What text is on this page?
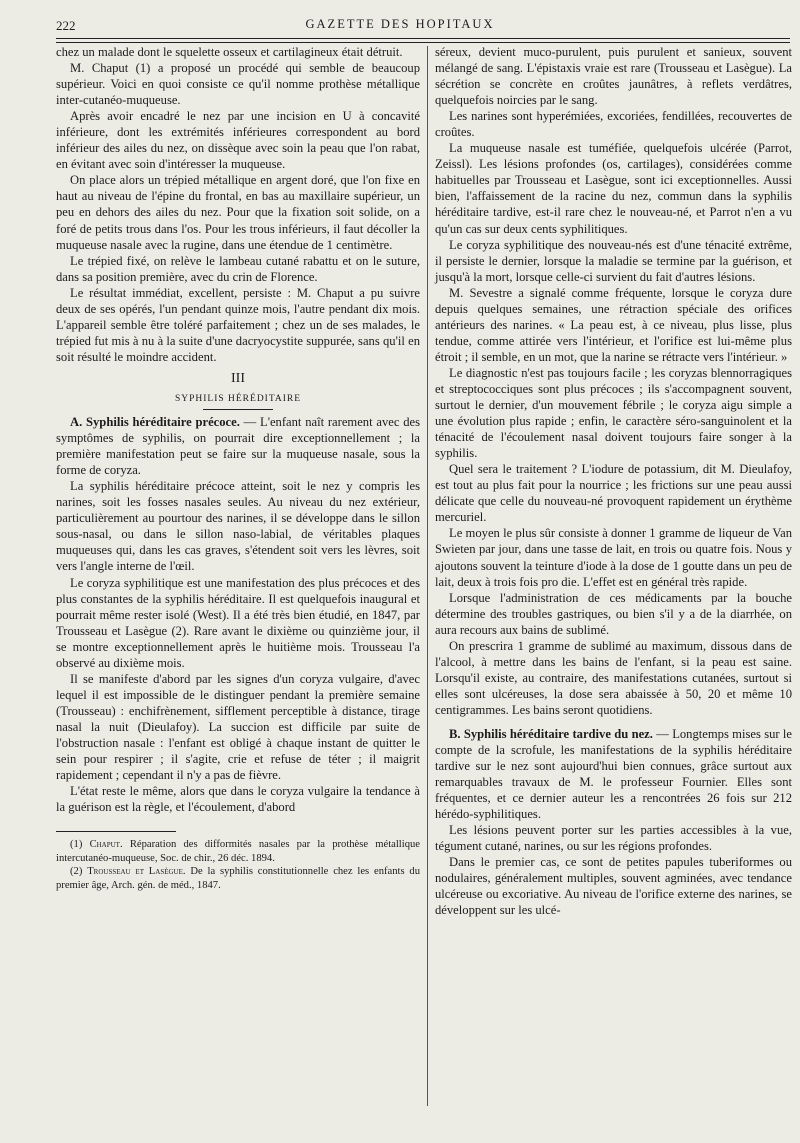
222	GAZETTE DES HOPITAUX

chez un malade dont le squelette osseux et cartilagineux était détruit.

M. Chaput (1) a proposé un procédé qui semble de beaucoup supérieur. Voici en quoi consiste ce qu'il nomme prothèse métallique inter-cutanéo-muqueuse.

Après avoir encadré le nez par une incision en U à concavité inférieure, dont les extrémités inférieures correspondent au bord inférieur des ailes du nez, on dissèque avec soin la peau que l'on rabat, en évitant avec soin d'intéresser la muqueuse.

On place alors un trépied métallique en argent doré, que l'on fixe en haut au niveau de l'épine du frontal, en bas au maxillaire supérieur, un peu en dehors des ailes du nez. Pour que la fixation soit solide, on a foré de petits trous dans l'os. Pour les trous inférieurs, il faut décoller la muqueuse nasale avec la rugine, dans une étendue de 1 centimètre.

Le trépied fixé, on relève le lambeau cutané rabattu et on le suture, dans sa position première, avec du crin de Florence.

Le résultat immédiat, excellent, persiste : M. Chaput a pu suivre deux de ses opérés, l'un pendant quinze mois, l'autre pendant dix mois. L'appareil semble être toléré parfaitement ; chez un de ses malades, le trépied fut mis à nu à la suite d'une dacryocystite suppurée, sans qu'il en soit résulté le moindre accident.

III

SYPHILIS HÉRÉDITAIRE

A. Syphilis héréditaire précoce. — L'enfant naît rarement avec des symptômes de syphilis, on pourrait dire exceptionnellement ; la première manifestation peut se faire sur la muqueuse nasale, sous la forme de coryza.

La syphilis héréditaire précoce atteint, soit le nez y compris les narines, soit les fosses nasales seules. Au niveau du nez extérieur, particulièrement au pourtour des narines, il se développe dans le sillon sous-nasal, ou dans le sillon naso-labial, de véritables plaques muqueuses qui, dans les cas graves, s'étendent soit vers les lèvres, soit vers l'angle interne de l'œil.

Le coryza syphilitique est une manifestation des plus précoces et des plus constantes de la syphilis héréditaire. Il est quelquefois inaugural et pourrait même rester isolé (West). Il a été très bien étudié, en 1847, par Trousseau et Lasègue (2). Rare avant le dixième ou quinzième jour, il se montre exceptionnellement après le huitième mois. Trousseau l'a observé au dixième mois.

Il se manifeste d'abord par les signes d'un coryza vulgaire, d'avec lequel il est impossible de le distinguer pendant la première semaine (Trousseau) : enchifrènement, sifflement perceptible à distance, tirage nasal la nuit (Dieulafoy). La succion est difficile par suite de l'obstruction nasale : l'enfant est obligé à chaque instant de quitter le sein pour respirer ; il s'agite, crie et refuse de téter ; il maigrit rapidement ; cependant il n'y a pas de fièvre.

L'état reste le même, alors que dans le coryza vulgaire la tendance à la guérison est la règle, et l'écoulement, d'abord

(1) Chaput. Réparation des difformités nasales par la prothèse métallique intercutanéo-muqueuse, Soc. de chir., 26 déc. 1894.

(2) Trousseau et Lasègue. De la syphilis constitutionnelle chez les enfants du premier âge, Arch. gén. de méd., 1847.

séreux, devient muco-purulent, puis purulent et sanieux, souvent mélangé de sang. L'épistaxis vraie est rare (Trousseau et Lasègue). La sécrétion se concrète en croûtes jaunâtres, à reflets verdâtres, quelquefois noircies par le sang.

Les narines sont hyperémiées, excoriées, fendillées, recouvertes de croûtes.

La muqueuse nasale est tuméfiée, quelquefois ulcérée (Parrot, Zeissl). Les lésions profondes (os, cartilages), considérées comme habituelles par Trousseau et Lasègue, sont ici exceptionnelles. Aussi bien, l'affaissement de la racine du nez, commun dans la syphilis héréditaire tardive, est-il rare chez le nouveau-né, et Parrot n'en a vu qu'un cas sur deux cents syphilitiques.

Le coryza syphilitique des nouveau-nés est d'une ténacité extrême, il persiste le dernier, lorsque la maladie se termine par la guérison, et jusqu'à la mort, lorsque celle-ci survient du fait d'autres lésions.

M. Sevestre a signalé comme fréquente, lorsque le coryza dure depuis quelques semaines, une rétraction spéciale des orifices antérieurs des narines. « La peau est, à ce niveau, plus lisse, plus tendue, comme attirée vers l'intérieur, et l'orifice est lui-même plus étroit ; il semble, en un mot, que la narine se rétracte vers l'intérieur. »

Le diagnostic n'est pas toujours facile ; les coryzas blennorragiques et streptococciques sont plus précoces ; ils s'accompagnent souvent, surtout le dernier, d'un mouvement fébrile ; le coryza aigu simple a une évolution plus rapide ; enfin, le caractère séro-sanguinolent et la ténacité de l'écoulement nasal doivent toujours faire songer à la syphilis.

Quel sera le traitement ? L'iodure de potassium, dit M. Dieulafoy, est tout au plus fait pour la nourrice ; les frictions sur une peau aussi délicate que celle du nouveau-né provoquent rapidement un érythème mercuriel.

Le moyen le plus sûr consiste à donner 1 gramme de liqueur de Van Swieten par jour, dans une tasse de lait, en trois ou quatre fois. Nous y ajoutons souvent la teinture d'iode à la dose de 1 goutte dans un peu de lait, deux à trois fois pro die. L'effet est en général très rapide.

Lorsque l'administration de ces médicaments par la bouche détermine des troubles gastriques, ou bien s'il y a de la diarrhée, on aura recours aux bains de sublimé.

On prescrira 1 gramme de sublimé au maximum, dissous dans de l'alcool, à mettre dans les bains de l'enfant, si la peau est saine. Lorsqu'il existe, au contraire, des manifestations cutanées, surtout si elles sont ulcéreuses, la dose sera abaissée à 50, 20 et même 10 centigrammes. Les bains seront quotidiens.

B. Syphilis héréditaire tardive du nez. — Longtemps mises sur le compte de la scrofule, les manifestations de la syphilis héréditaire tardive sur le nez sont aujourd'hui bien connues, grâce surtout aux remarquables travaux de M. le professeur Fournier. Elles sont fréquentes, et ce dernier auteur les a rencontrées 26 fois sur 212 hérédo-syphilitiques.

Les lésions peuvent porter sur les parties accessibles à la vue, tégument cutané, narines, ou sur les régions profondes.

Dans le premier cas, ce sont de petites papules tuberiformes ou nodulaires, généralement multiples, souvent agminées, avec tendance ulcéreuse ou excoriative. Au niveau de l'orifice externe des narines, se développent sur les ulcé-
